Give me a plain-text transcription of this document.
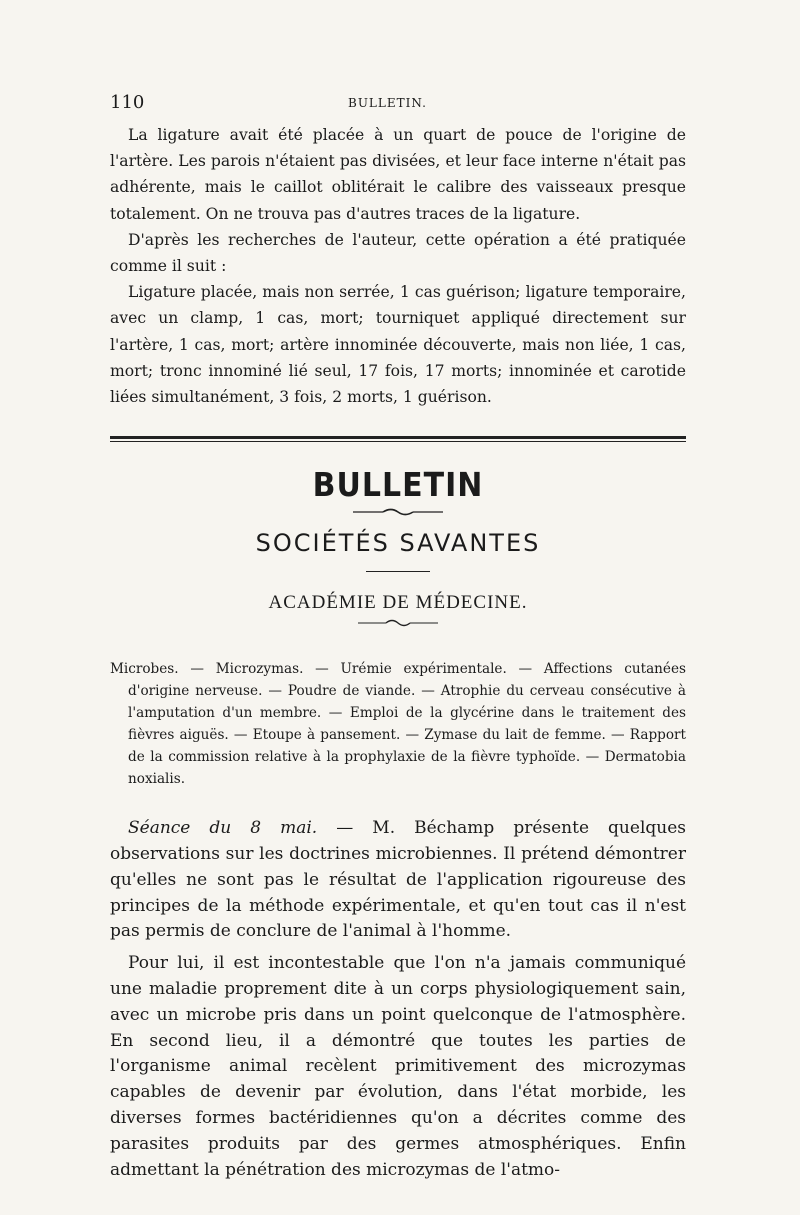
110	BULLETIN.

La ligature avait été placée à un quart de pouce de l'origine de l'artère. Les parois n'étaient pas divisées, et leur face interne n'était pas adhérente, mais le caillot oblitérait le calibre des vaisseaux presque totalement. On ne trouva pas d'autres traces de la ligature.

D'après les recherches de l'auteur, cette opération a été pratiquée comme il suit :

Ligature placée, mais non serrée, 1 cas guérison; ligature temporaire, avec un clamp, 1 cas, mort; tourniquet appliqué directement sur l'artère, 1 cas, mort; artère innominée découverte, mais non liée, 1 cas, mort; tronc innominé lié seul, 17 fois, 17 morts; innominée et carotide liées simultanément, 3 fois, 2 morts, 1 guérison.

BULLETIN
SOCIÉTÉS SAVANTES
ACADÉMIE DE MÉDECINE.

Microbes. — Microzymas. — Urémie expérimentale. — Affections cutanées d'origine nerveuse. — Poudre de viande. — Atrophie du cerveau consécutive à l'amputation d'un membre. — Emploi de la glycérine dans le traitement des fièvres aiguës. — Etoupe à pansement. — Zymase du lait de femme. — Rapport de la commission relative à la prophylaxie de la fièvre typhoïde. — Dermatobia noxialis.

Séance du 8 mai. — M. Béchamp présente quelques observations sur les doctrines microbiennes. Il prétend démontrer qu'elles ne sont pas le résultat de l'application rigoureuse des principes de la méthode expérimentale, et qu'en tout cas il n'est pas permis de conclure de l'animal à l'homme.

Pour lui, il est incontestable que l'on n'a jamais communiqué une maladie proprement dite à un corps physiologiquement sain, avec un microbe pris dans un point quelconque de l'atmosphère. En second lieu, il a démontré que toutes les parties de l'organisme animal recèlent primitivement des microzymas capables de devenir par évolution, dans l'état morbide, les diverses formes bactéridiennes qu'on a décrites comme des parasites produits par des germes atmosphériques. Enfin admettant la pénétration des microzymas de l'atmo-
